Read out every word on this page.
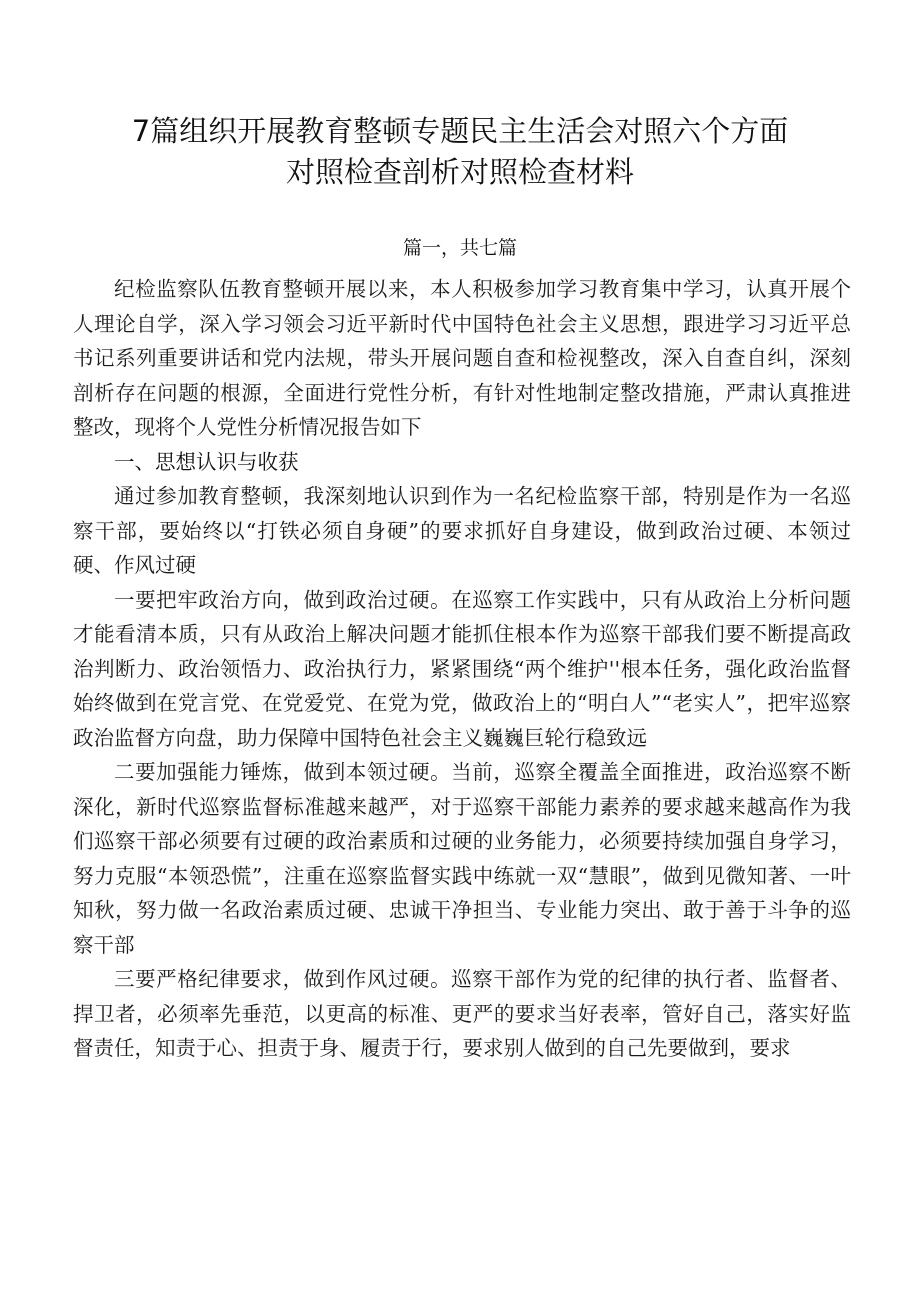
7篇组织开展教育整顿专题民主生活会对照六个方面
对照检查剖析对照检查材料
篇一，共七篇

纪检监察队伍教育整顿开展以来，本人积极参加学习教育集中学习，认真开展个人理论自学，深入学习领会习近平新时代中国特色社会主义思想，跟进学习习近平总书记系列重要讲话和党内法规，带头开展问题自查和检视整改，深入自查自纠，深刻剖析存在问题的根源，全面进行党性分析，有针对性地制定整改措施，严肃认真推进整改，现将个人党性分析情况报告如下

一、思想认识与收获

通过参加教育整顿，我深刻地认识到作为一名纪检监察干部，特别是作为一名巡察干部，要始终以“打铁必须自身硬”的要求抓好自身建设，做到政治过硬、本领过硬、作风过硬

一要把牢政治方向，做到政治过硬。在巡察工作实践中，只有从政治上分析问题才能看清本质，只有从政治上解决问题才能抓住根本作为巡察干部我们要不断提高政治判断力、政治领悟力、政治执行力，紧紧围绕“两个维护''根本任务，强化政治监督始终做到在党言党、在党爱党、在党为党，做政治上的“明白人”“老实人”，把牢巡察政治监督方向盘，助力保障中国特色社会主义巍巍巨轮行稳致远

二要加强能力锤炼，做到本领过硬。当前，巡察全覆盖全面推进，政治巡察不断深化，新时代巡察监督标准越来越严，对于巡察干部能力素养的要求越来越高作为我们巡察干部必须要有过硬的政治素质和过硬的业务能力，必须要持续加强自身学习，努力克服“本领恐慌”，注重在巡察监督实践中练就一双“慧眼”，做到见微知著、一叶知秋，努力做一名政治素质过硬、忠诚干净担当、专业能力突出、敢于善于斗争的巡察干部

三要严格纪律要求，做到作风过硬。巡察干部作为党的纪律的执行者、监督者、捍卫者，必须率先垂范，以更高的标准、更严的要求当好表率，管好自己，落实好监督责任，知责于心、担责于身、履责于行，要求别人做到的自己先要做到，要求
